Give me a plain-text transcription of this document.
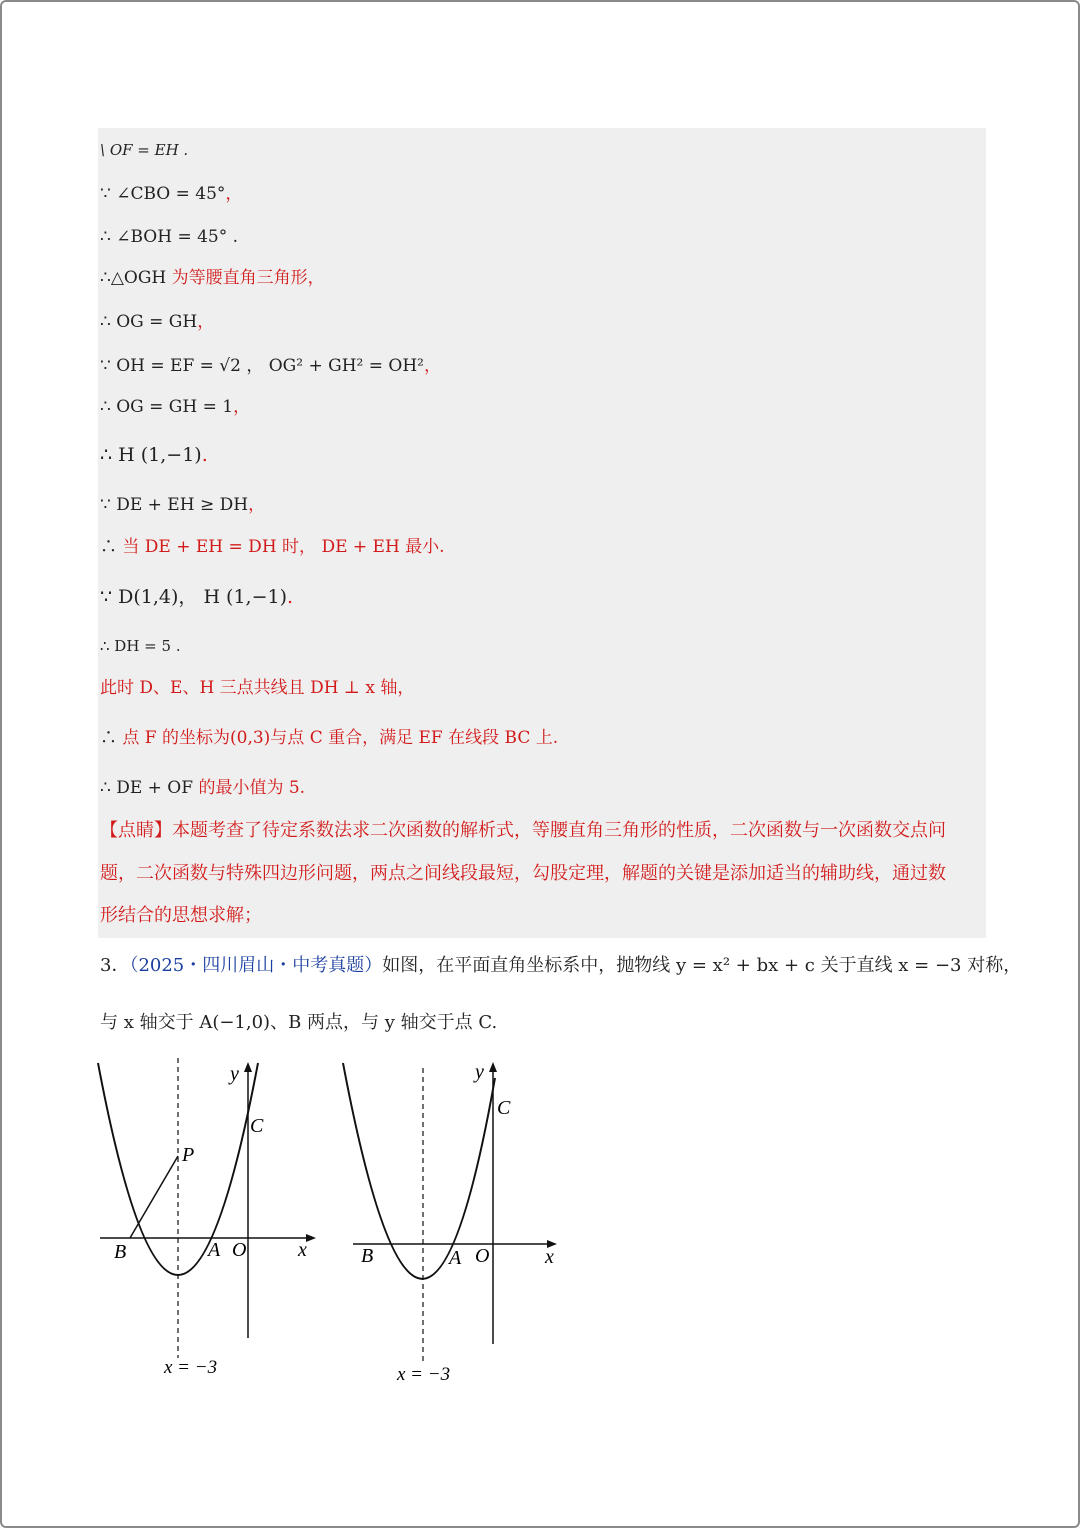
\ OF = EH .
∵ ∠CBO = 45°，
∴ ∠BOH = 45° .
∴△OGH 为等腰直角三角形，
∴ OG = GH，
∵ OH = EF = √2 ， OG² + GH² = OH²，
∴ OG = GH = 1，
∴ H (1,−1).
∵ DE + EH ≥ DH，
∴ 当 DE + EH = DH 时， DE + EH 最小.
∵ D(1,4)， H (1,−1).
∴ DH = 5 .
此时 D、E、H 三点共线且 DH ⊥ x 轴，
∴ 点 F 的坐标为(0,3)与点 C 重合，满足 EF 在线段 BC 上.
∴ DE + OF 的最小值为 5.
【点睛】本题考查了待定系数法求二次函数的解析式，等腰直角三角形的性质，二次函数与一次函数交点问
题，二次函数与特殊四边形问题，两点之间线段最短，勾股定理，解题的关键是添加适当的辅助线，通过数
形结合的思想求解；
3．（2025・四川眉山・中考真题）如图，在平面直角坐标系中，抛物线 y = x² + bx + c 关于直线 x = −3 对称，
与 x 轴交于 A(−1,0)、B 两点，与 y 轴交于点 C.
y
x
C
P
B	A O
x = −3
y
x
C
B	A O
x = −3
